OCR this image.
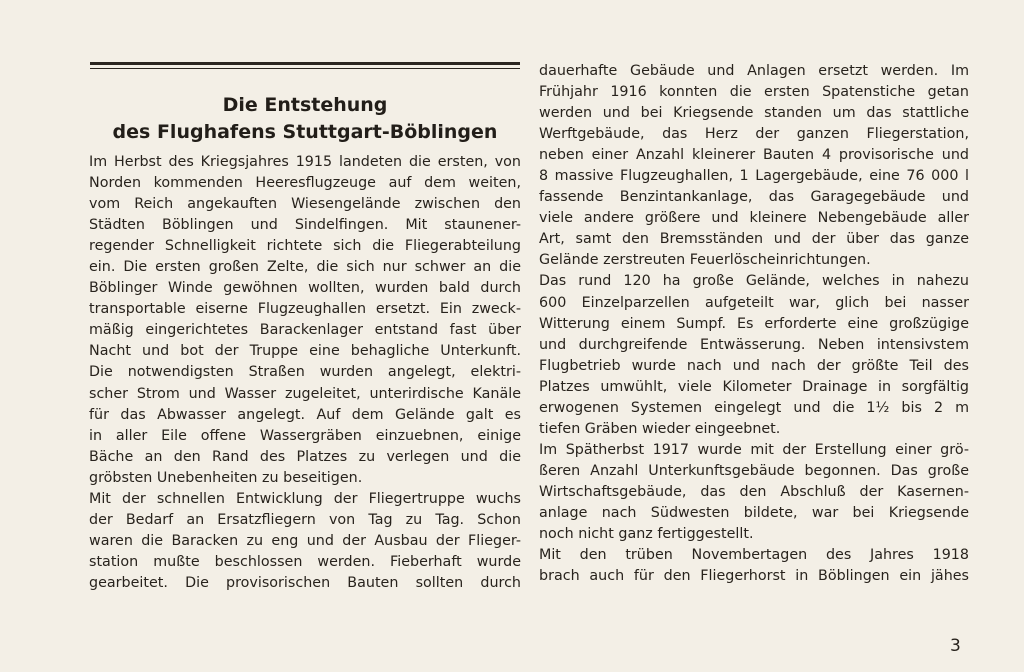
Die Entstehung
des Flughafens Stuttgart-Böblingen
Im Herbst des Kriegsjahres 1915 landeten die ersten, von
Norden kommenden Heeresflugzeuge auf dem weiten,
vom Reich angekauften Wiesengelände zwischen den
Städten Böblingen und Sindelfingen. Mit staunener-
regender Schnelligkeit richtete sich die Fliegerabteilung
ein. Die ersten großen Zelte, die sich nur schwer an die
Böblinger Winde gewöhnen wollten, wurden bald durch
transportable eiserne Flugzeughallen ersetzt. Ein zweck-
mäßig eingerichtetes Barackenlager entstand fast über
Nacht und bot der Truppe eine behagliche Unterkunft.
Die notwendigsten Straßen wurden angelegt, elektri-
scher Strom und Wasser zugeleitet, unterirdische Kanäle
für das Abwasser angelegt. Auf dem Gelände galt es
in aller Eile offene Wassergräben einzuebnen, einige
Bäche an den Rand des Platzes zu verlegen und die
gröbsten Unebenheiten zu beseitigen.
Mit der schnellen Entwicklung der Fliegertruppe wuchs
der Bedarf an Ersatzfliegern von Tag zu Tag. Schon
waren die Baracken zu eng und der Ausbau der Flieger-
station mußte beschlossen werden. Fieberhaft wurde
gearbeitet. Die provisorischen Bauten sollten durch
dauerhafte Gebäude und Anlagen ersetzt werden. Im
Frühjahr 1916 konnten die ersten Spatenstiche getan
werden und bei Kriegsende standen um das stattliche
Werftgebäude, das Herz der ganzen Fliegerstation,
neben einer Anzahl kleinerer Bauten 4 provisorische und
8 massive Flugzeughallen, 1 Lagergebäude, eine 76 000 l
fassende Benzintankanlage, das Garagegebäude und
viele andere größere und kleinere Nebengebäude aller
Art, samt den Bremsständen und der über das ganze
Gelände zerstreuten Feuerlöscheinrichtungen.
Das rund 120 ha große Gelände, welches in nahezu
600 Einzelparzellen aufgeteilt war, glich bei nasser
Witterung einem Sumpf. Es erforderte eine großzügige
und durchgreifende Entwässerung. Neben intensivstem
Flugbetrieb wurde nach und nach der größte Teil des
Platzes umwühlt, viele Kilometer Drainage in sorgfältig
erwogenen Systemen eingelegt und die 1½ bis 2 m
tiefen Gräben wieder eingeebnet.
Im Spätherbst 1917 wurde mit der Erstellung einer grö-
ßeren Anzahl Unterkunftsgebäude begonnen. Das große
Wirtschaftsgebäude, das den Abschluß der Kasernen-
anlage nach Südwesten bildete, war bei Kriegsende
noch nicht ganz fertiggestellt.
Mit den trüben Novembertagen des Jahres 1918
brach auch für den Fliegerhorst in Böblingen ein jähes
3
